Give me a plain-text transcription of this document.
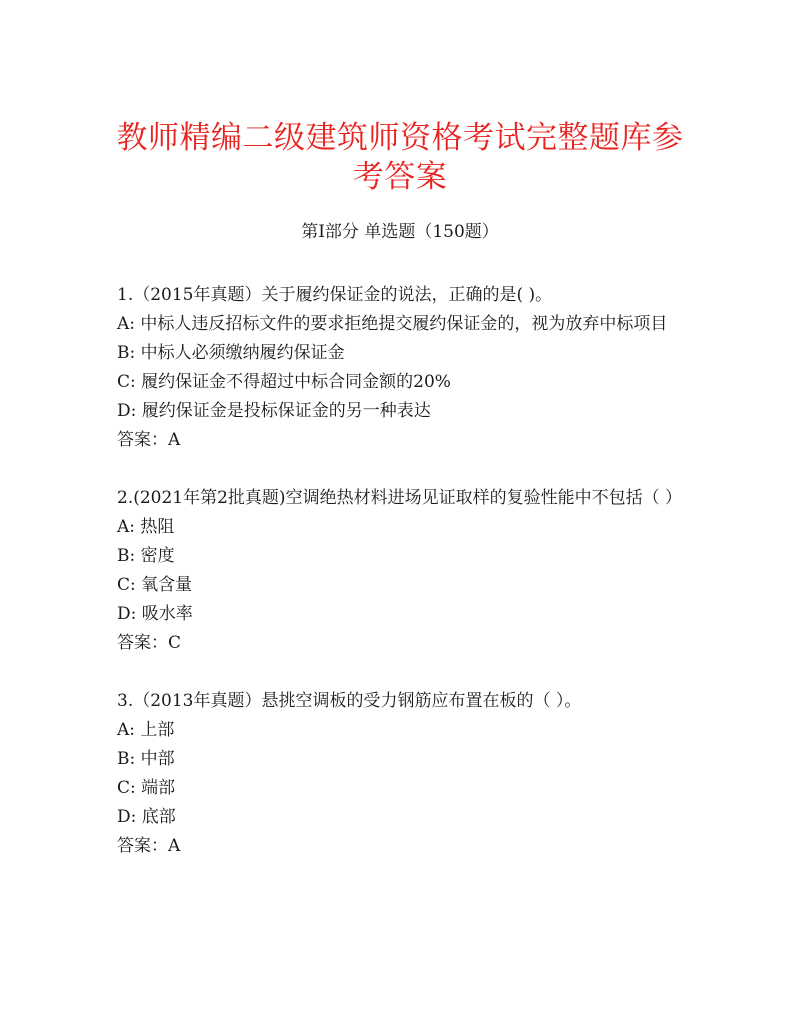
教师精编二级建筑师资格考试完整题库参考答案
第Ⅰ部分 单选题（150题）
1.（2015年真题）关于履约保证金的说法，正确的是( )。
A: 中标人违反招标文件的要求拒绝提交履约保证金的，视为放弃中标项目
B: 中标人必须缴纳履约保证金
C: 履约保证金不得超过中标合同金额的20%
D: 履约保证金是投标保证金的另一种表达
答案：A
2.(2021年第2批真题)空调绝热材料进场见证取样的复验性能中不包括（ ）
A: 热阻
B: 密度
C: 氧含量
D: 吸水率
答案：C
3.（2013年真题）悬挑空调板的受力钢筋应布置在板的（ ）。
A: 上部
B: 中部
C: 端部
D: 底部
答案：A
